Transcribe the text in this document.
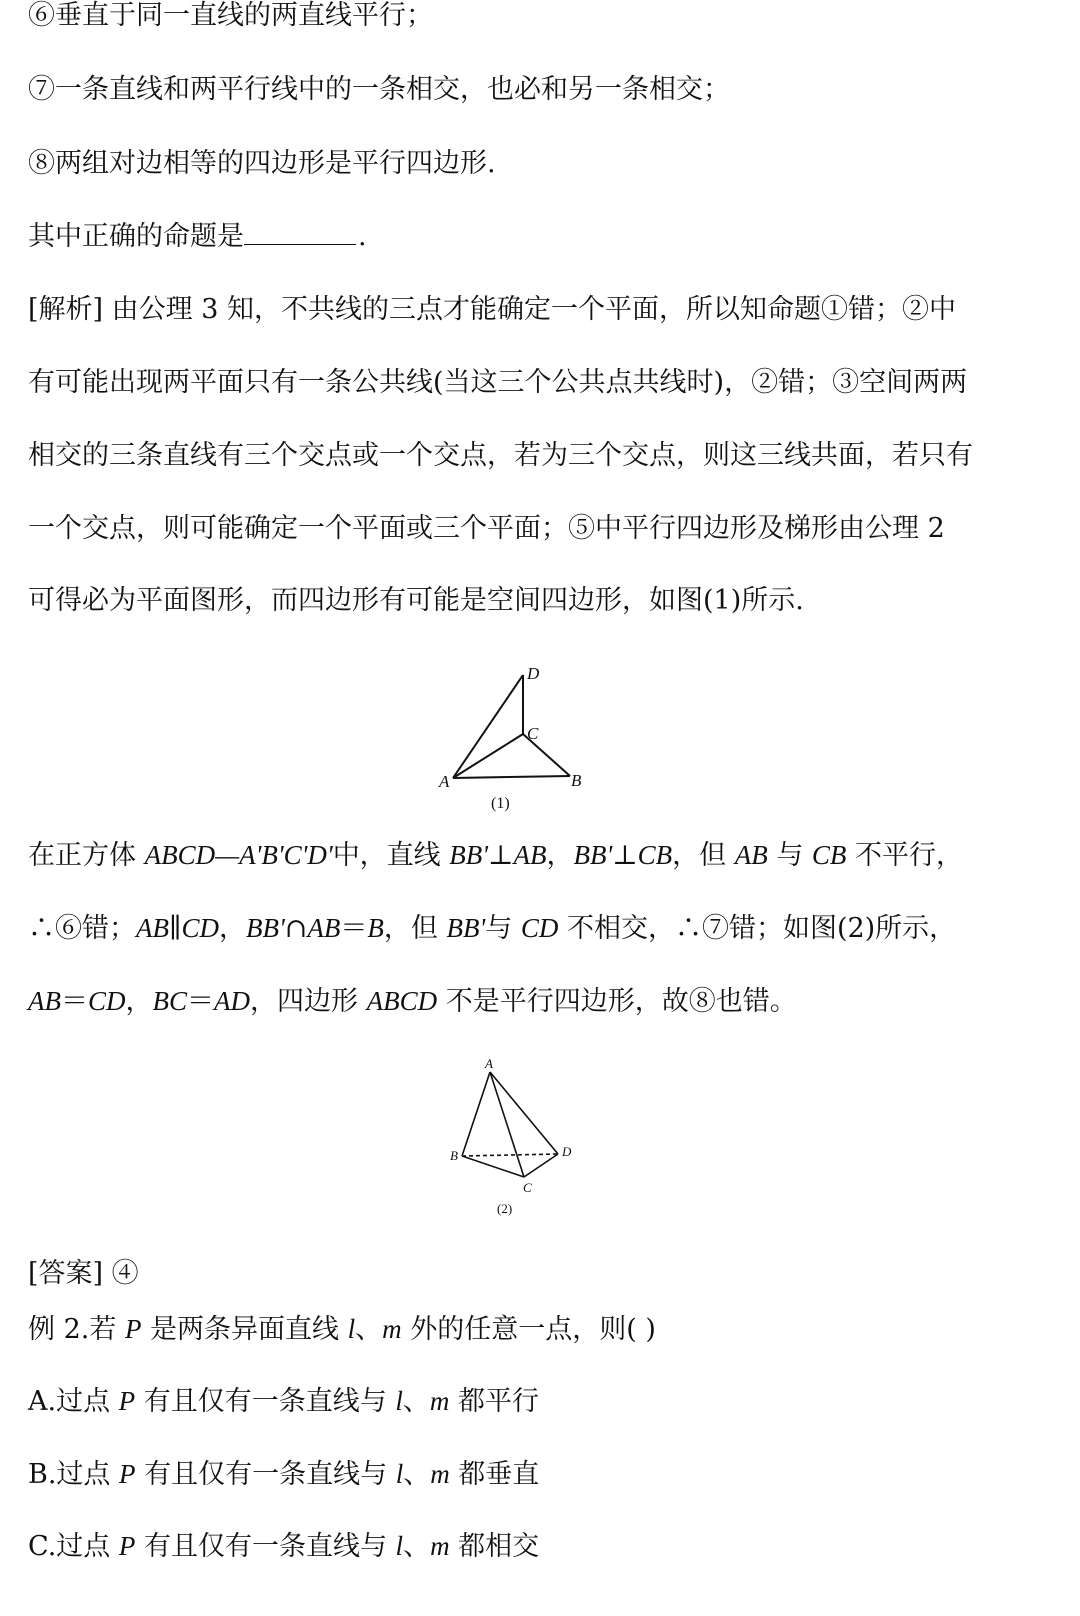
⑥垂直于同一直线的两直线平行；
⑦一条直线和两平行线中的一条相交，也必和另一条相交；
⑧两组对边相等的四边形是平行四边形.
其中正确的命题是	.
[解析] 由公理 3 知，不共线的三点才能确定一个平面，所以知命题①错；②中
有可能出现两平面只有一条公共线(当这三个公共点共线时)，②错；③空间两两
相交的三条直线有三个交点或一个交点，若为三个交点，则这三线共面，若只有
一个交点，则可能确定一个平面或三个平面；⑤中平行四边形及梯形由公理 2
可得必为平面图形，而四边形有可能是空间四边形，如图(1)所示.
D
C
A	B
(1)
在正方体 ABCD—A'B'C'D'中，直线 BB'⊥AB，BB'⊥CB，但 AB 与 CB 不平行，
∴⑥错；AB∥CD，BB'∩AB＝B，但 BB'与 CD 不相交，∴⑦错；如图(2)所示，
AB＝CD，BC＝AD，四边形 ABCD 不是平行四边形，故⑧也错。
A
B
C
D
(2)
[答案] ④
例 2.若 P 是两条异面直线 l、m 外的任意一点，则( )
A.过点 P 有且仅有一条直线与 l、m 都平行
B.过点 P 有且仅有一条直线与 l、m 都垂直
C.过点 P 有且仅有一条直线与 l、m 都相交
